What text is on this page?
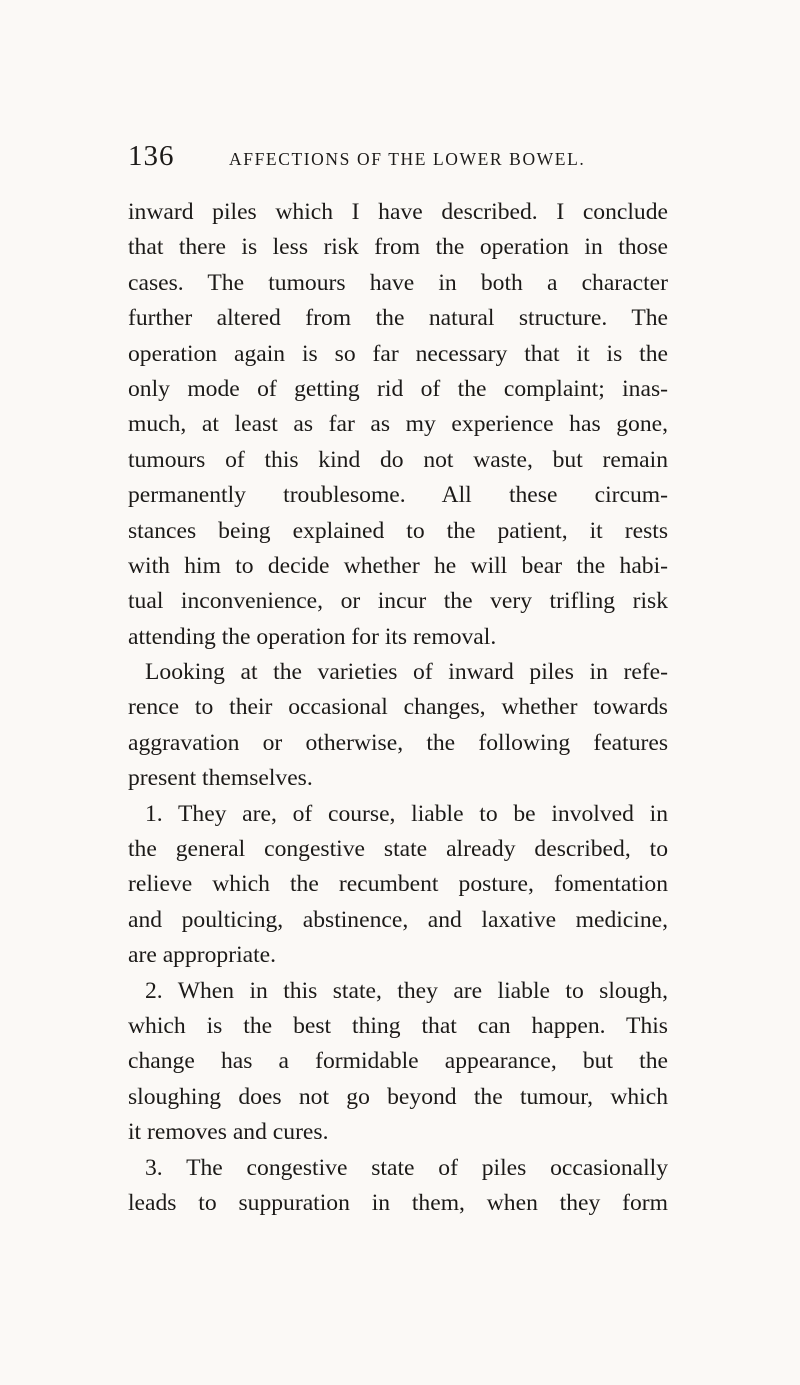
136	AFFECTIONS OF THE LOWER BOWEL.
inward piles which I have described. I conclude
that there is less risk from the operation in those
cases. The tumours have in both a character
further altered from the natural structure. The
operation again is so far necessary that it is the
only mode of getting rid of the complaint; inas-
much, at least as far as my experience has gone,
tumours of this kind do not waste, but remain
permanently troublesome. All these circum-
stances being explained to the patient, it rests
with him to decide whether he will bear the habi-
tual inconvenience, or incur the very trifling risk
attending the operation for its removal.
Looking at the varieties of inward piles in refe-
rence to their occasional changes, whether towards
aggravation or otherwise, the following features
present themselves.
1. They are, of course, liable to be involved in
the general congestive state already described, to
relieve which the recumbent posture, fomentation
and poulticing, abstinence, and laxative medicine,
are appropriate.
2. When in this state, they are liable to slough,
which is the best thing that can happen. This
change has a formidable appearance, but the
sloughing does not go beyond the tumour, which
it removes and cures.
3. The congestive state of piles occasionally
leads to suppuration in them, when they form
